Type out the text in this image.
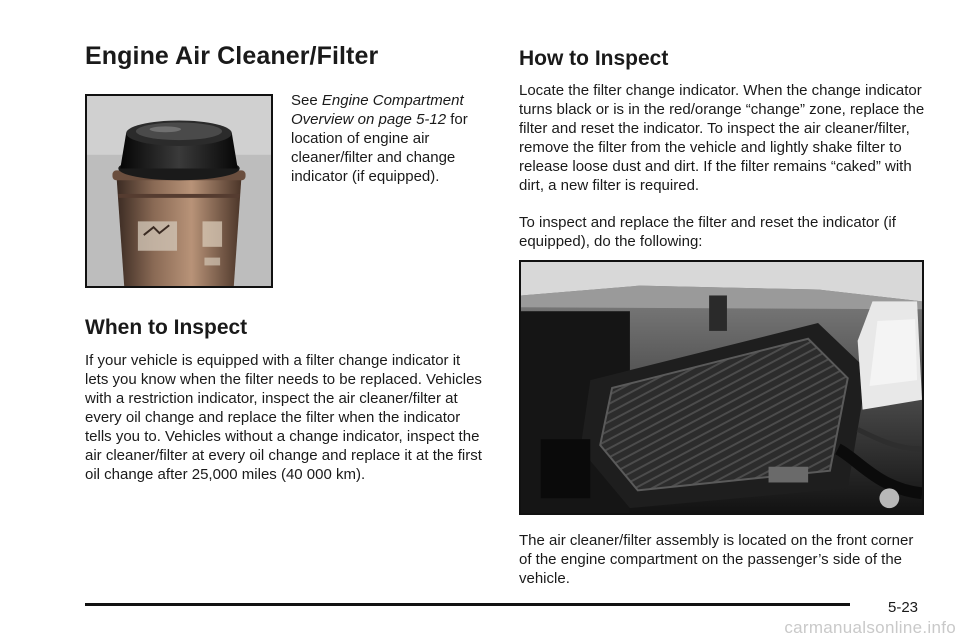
Engine Air Cleaner/Filter

See Engine Compartment Overview on page 5-12 for location of engine air cleaner/filter and change indicator (if equipped).

When to Inspect

If your vehicle is equipped with a filter change indicator it lets you know when the filter needs to be replaced. Vehicles with a restriction indicator, inspect the air cleaner/filter at every oil change and replace the filter when the indicator tells you to. Vehicles without a change indicator, inspect the air cleaner/filter at every oil change and replace it at the first oil change after 25,000 miles (40 000 km).

How to Inspect

Locate the filter change indicator. When the change indicator turns black or is in the red/orange “change” zone, replace the filter and reset the indicator. To inspect the air cleaner/filter, remove the filter from the vehicle and lightly shake filter to release loose dust and dirt. If the filter remains “caked” with dirt, a new filter is required.

To inspect and replace the filter and reset the indicator (if equipped), do the following:

The air cleaner/filter assembly is located on the front corner of the engine compartment on the passenger’s side of the vehicle.

5-23
carmanualsonline.info
